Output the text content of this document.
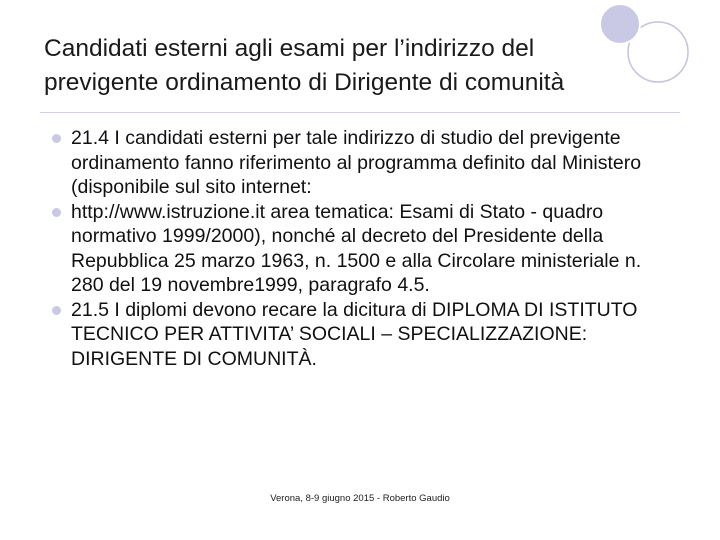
Candidati esterni agli esami per l’indirizzo del previgente ordinamento di Dirigente di comunità
21.4 I candidati esterni per tale indirizzo di studio del previgente ordinamento fanno riferimento al programma definito dal Ministero (disponibile sul sito internet:
http://www.istruzione.it area tematica: Esami di Stato - quadro normativo 1999/2000), nonché al decreto del Presidente della Repubblica 25 marzo 1963, n. 1500 e alla Circolare ministeriale n. 280 del 19 novembre1999, paragrafo 4.5.
21.5 I diplomi devono recare la dicitura di DIPLOMA DI ISTITUTO TECNICO PER ATTIVITA’ SOCIALI – SPECIALIZZAZIONE: DIRIGENTE DI COMUNITÀ.
Verona, 8-9 giugno 2015 - Roberto Gaudio
